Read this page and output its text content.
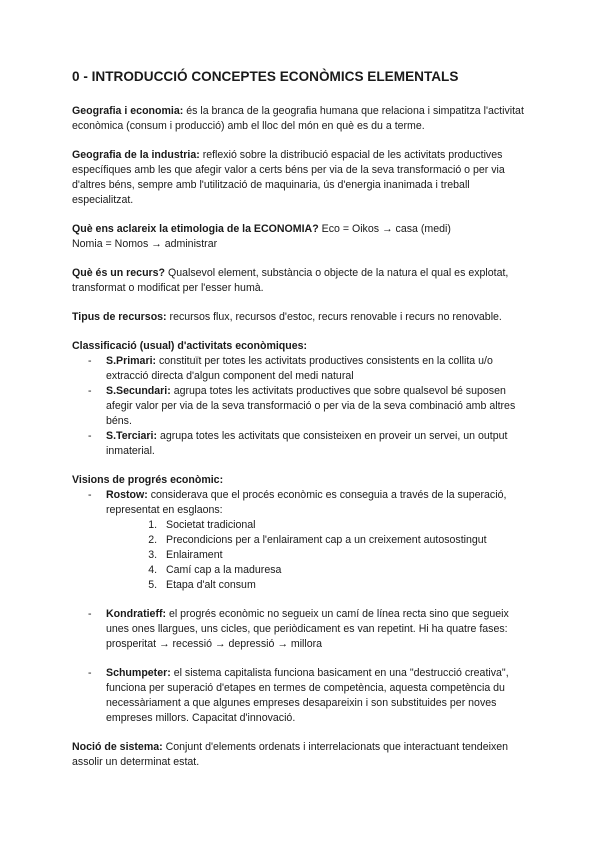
0 - INTRODUCCIÓ CONCEPTES ECONÒMICS ELEMENTALS

Geografia i economia: és la branca de la geografia humana que relaciona i simpatitza l'activitat econòmica (consum i producció) amb el lloc del món en què es du a terme.

Geografia de la industria: reflexió sobre la distribució espacial de les activitats productives específiques amb les que afegir valor a certs béns per via de la seva transformació o per via d'altres béns, sempre amb l'utilització de maquinaria, ús d'energia inanimada i treball especialitzat.

Què ens aclareix la etimologia de la ECONOMIA? Eco = Oikos → casa (medi)
Nomia = Nomos → administrar

Què és un recurs? Qualsevol element, substància o objecte de la natura el qual es explotat, transformat o modificat per l'esser humà.

Tipus de recursos: recursos flux, recursos d'estoc, recurs renovable i recurs no renovable.

Classificació (usual) d'activitats econòmiques:
- S.Primari: constituït per totes les activitats productives consistents en la collita u/o extracció directa d'algun component del medi natural
- S.Secundari: agrupa totes les activitats productives que sobre qualsevol bé suposen afegir valor per via de la seva transformació o per via de la seva combinació amb altres béns.
- S.Terciari: agrupa totes les activitats que consisteixen en proveir un servei, un output inmaterial.
Visions de progrés econòmic:
- Rostow: considerava que el procés econòmic es conseguia a través de la superació, representat en esglaons:
1. Societat tradicional
2. Precondicions per a l'enlairament cap a un creixement autosostingut
3. Enlairament
4. Camí cap a la maduresa
5. Etapa d'alt consum
- Kondratieff: el progrés econòmic no segueix un camí de línea recta sino que segueix unes ones llargues, uns cicles, que periòdicament es van repetint. Hi ha quatre fases: prosperitat → recessió → depressió → millora
- Schumpeter: el sistema capitalista funciona basicament en una "destrucció creativa", funciona per superació d'etapes en termes de competència, aquesta competència du necessàriament a que algunes empreses desapareixin i son substituides per noves empreses millors. Capacitat d'innovació.

Noció de sistema: Conjunt d'elements ordenats i interrelacionats que interactuant tendeixen assolir un determinat estat.
